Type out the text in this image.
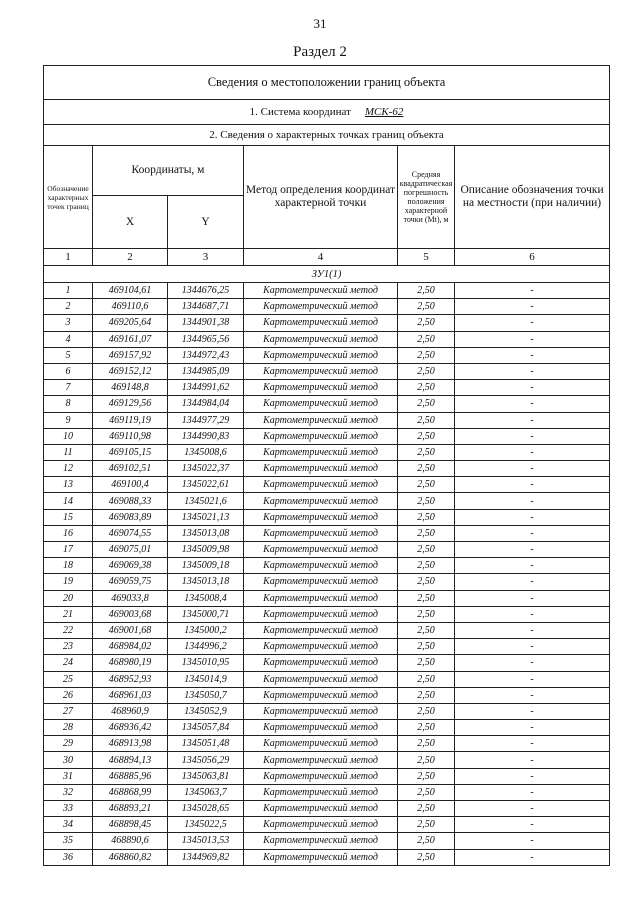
31
Раздел 2
Сведения о местоположении границ объекта					
1. Система координат МСК-62					
2. Сведения о характерных точках границ объекта					
Обозначение характерных точек границ	Координаты, м		Метод определения координат характерной точки	Средняя квадратическая погрешность положения характерной точки (Mt), м	Описание обозначения точки на местности (при наличии)
	X	Y			
1	2	3	4	5	6
ЗУ1(1)					
1	469104,61	1344676,25	Картометрический метод	2,50	-
2	469110,6	1344687,71	Картометрический метод	2,50	-
3	469205,64	1344901,38	Картометрический метод	2,50	-
4	469161,07	1344965,56	Картометрический метод	2,50	-
5	469157,92	1344972,43	Картометрический метод	2,50	-
6	469152,12	1344985,09	Картометрический метод	2,50	-
7	469148,8	1344991,62	Картометрический метод	2,50	-
8	469129,56	1344984,04	Картометрический метод	2,50	-
9	469119,19	1344977,29	Картометрический метод	2,50	-
10	469110,98	1344990,83	Картометрический метод	2,50	-
11	469105,15	1345008,6	Картометрический метод	2,50	-
12	469102,51	1345022,37	Картометрический метод	2,50	-
13	469100,4	1345022,61	Картометрический метод	2,50	-
14	469088,33	1345021,6	Картометрический метод	2,50	-
15	469083,89	1345021,13	Картометрический метод	2,50	-
16	469074,55	1345013,08	Картометрический метод	2,50	-
17	469075,01	1345009,98	Картометрический метод	2,50	-
18	469069,38	1345009,18	Картометрический метод	2,50	-
19	469059,75	1345013,18	Картометрический метод	2,50	-
20	469033,8	1345008,4	Картометрический метод	2,50	-
21	469003,68	1345000,71	Картометрический метод	2,50	-
22	469001,68	1345000,2	Картометрический метод	2,50	-
23	468984,02	1344996,2	Картометрический метод	2,50	-
24	468980,19	1345010,95	Картометрический метод	2,50	-
25	468952,93	1345014,9	Картометрический метод	2,50	-
26	468961,03	1345050,7	Картометрический метод	2,50	-
27	468960,9	1345052,9	Картометрический метод	2,50	-
28	468936,42	1345057,84	Картометрический метод	2,50	-
29	468913,98	1345051,48	Картометрический метод	2,50	-
30	468894,13	1345056,29	Картометрический метод	2,50	-
31	468885,96	1345063,81	Картометрический метод	2,50	-
32	468868,99	1345063,7	Картометрический метод	2,50	-
33	468893,21	1345028,65	Картометрический метод	2,50	-
34	468898,45	1345022,5	Картометрический метод	2,50	-
35	468890,6	1345013,53	Картометрический метод	2,50	-
36	468860,82	1344969,82	Картометрический метод	2,50	-
